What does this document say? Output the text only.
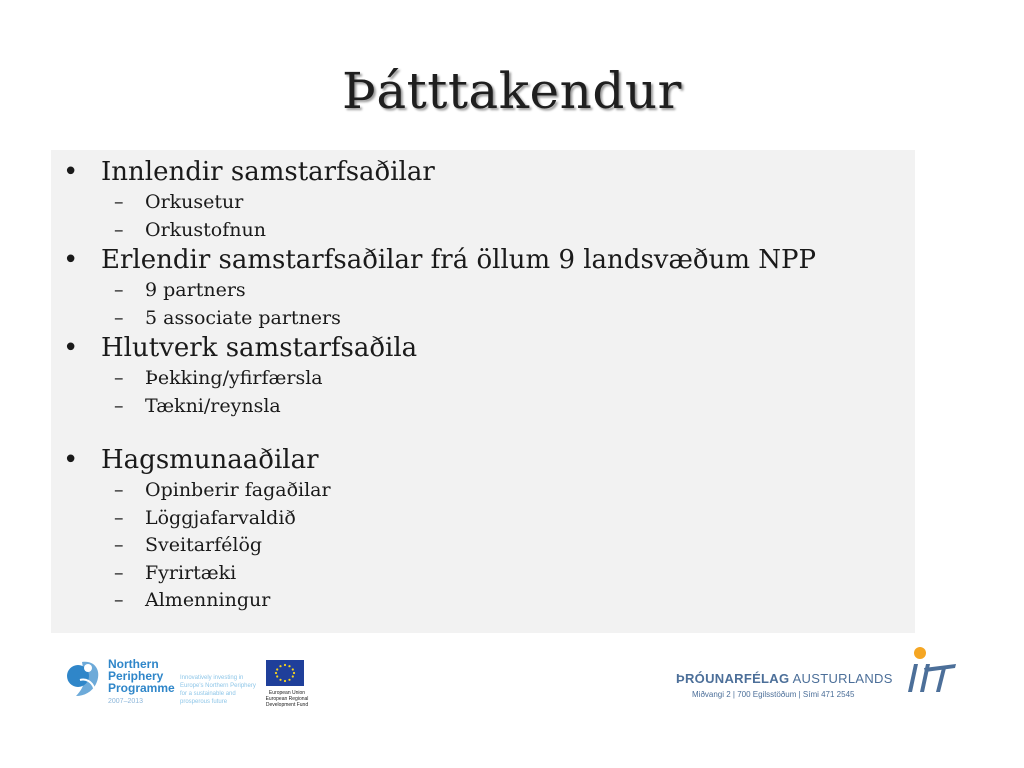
Þátttakendur
• Innlendir samstarfsaðilar
– Orkusetur
– Orkustofnun
• Erlendir samstarfsaðilar frá öllum 9 landsvæðum NPP
– 9 partners
– 5 associate partners
• Hlutverk samstarfsaðila
– Þekking/yfirfærsla
– Tækni/reynsla
• Hagsmunaaðilar
– Opinberir fagaðilar
– Löggjafarvaldið
– Sveitarfélög
– Fyrirtæki
– Almenningur
Northern
Periphery
Programme
2007–2013
Innovatively investing in Europe's Northern Periphery for a sustainable and prosperous future
European Union European Regional Development Fund
ÞRÓUNARFÉLAG AUSTURLANDS
Miðvangi 2 | 700 Egilsstöðum | Sími 471 2545
